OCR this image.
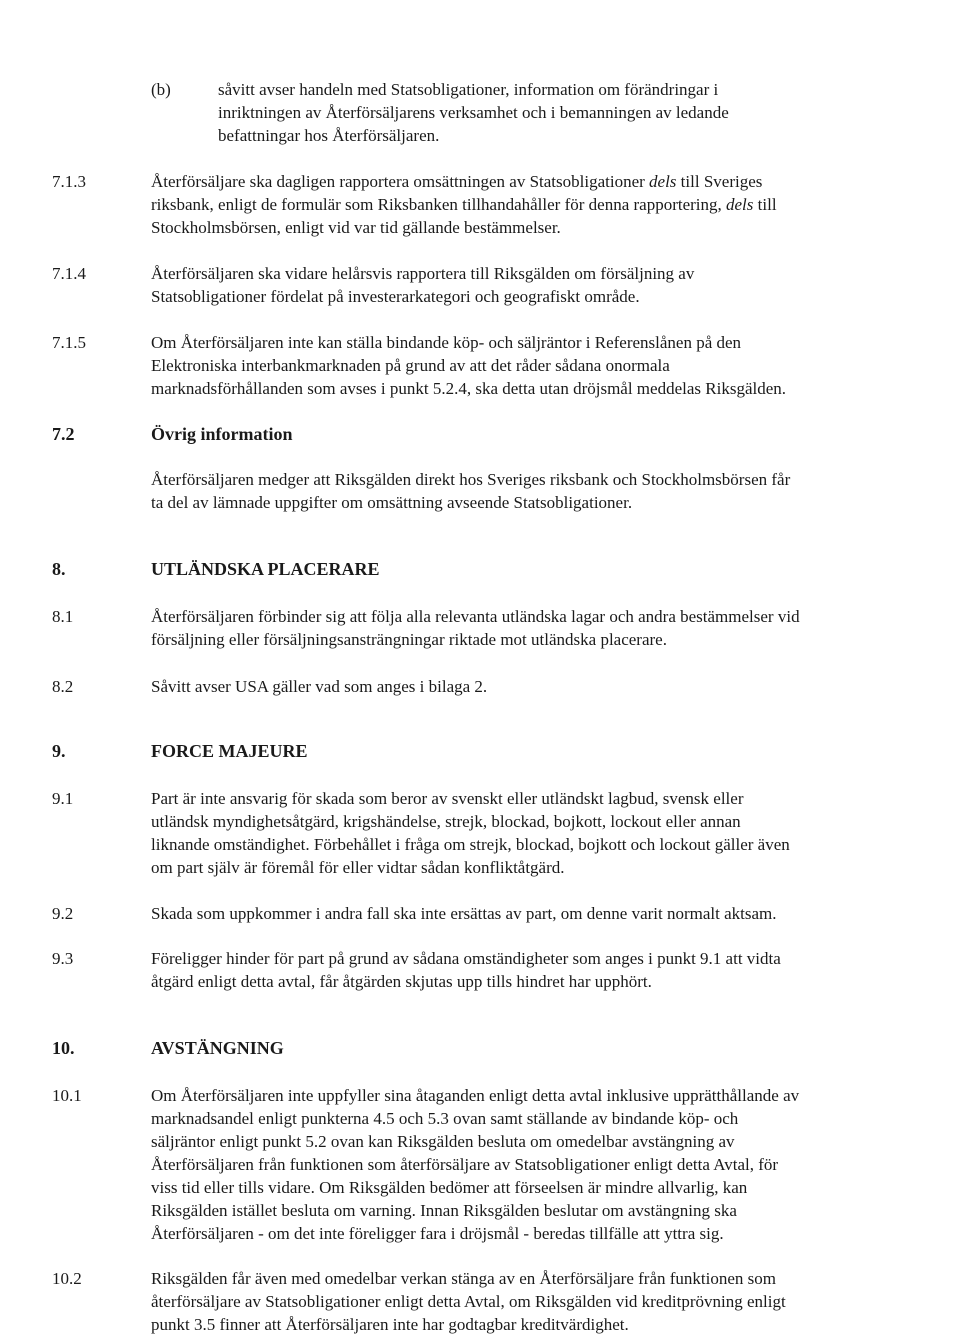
(b)	såvitt avser handeln med Statsobligationer, information om förändringar i
inriktningen av Återförsäljarens verksamhet och i bemanningen av ledande
befattningar hos Återförsäljaren.
7.1.3	Återförsäljare ska dagligen rapportera omsättningen av Statsobligationer dels till Sveriges
riksbank, enligt de formulär som Riksbanken tillhandahåller för denna rapportering, dels till
Stockholmsbörsen, enligt vid var tid gällande bestämmelser.
7.1.4	Återförsäljaren ska vidare helårsvis rapportera till Riksgälden om försäljning av
Statsobligationer fördelat på investerarkategori och geografiskt område.
7.1.5	Om Återförsäljaren inte kan ställa bindande köp- och säljräntor i Referenslånen på den
Elektroniska interbankmarknaden på grund av att det råder sådana onormala
marknadsförhållanden som avses i punkt 5.2.4, ska detta utan dröjsmål meddelas Riksgälden.
7.2	Övrig information
Återförsäljaren medger att Riksgälden direkt hos Sveriges riksbank och Stockholmsbörsen får
ta del av lämnade uppgifter om omsättning avseende Statsobligationer.
8.	UTLÄNDSKA PLACERARE
8.1	Återförsäljaren förbinder sig att följa alla relevanta utländska lagar och andra bestämmelser vid
försäljning eller försäljningsansträngningar riktade mot utländska placerare.
8.2	Såvitt avser USA gäller vad som anges i bilaga 2.
9.	FORCE MAJEURE
9.1	Part är inte ansvarig för skada som beror av svenskt eller utländskt lagbud, svensk eller
utländsk myndighetsåtgärd, krigshändelse, strejk, blockad, bojkott, lockout eller annan
liknande omständighet. Förbehållet i fråga om strejk, blockad, bojkott och lockout gäller även
om part själv är föremål för eller vidtar sådan konfliktåtgärd.
9.2	Skada som uppkommer i andra fall ska inte ersättas av part, om denne varit normalt aktsam.
9.3	Föreligger hinder för part på grund av sådana omständigheter som anges i punkt 9.1 att vidta
åtgärd enligt detta avtal, får åtgärden skjutas upp tills hindret har upphört.
10.	AVSTÄNGNING
10.1	Om Återförsäljaren inte uppfyller sina åtaganden enligt detta avtal inklusive upprätthållande av
marknadsandel enligt punkterna 4.5 och 5.3 ovan samt ställande av bindande köp- och
säljräntor enligt punkt 5.2 ovan kan Riksgälden besluta om omedelbar avstängning av
Återförsäljaren från funktionen som återförsäljare av Statsobligationer enligt detta Avtal, för
viss tid eller tills vidare. Om Riksgälden bedömer att förseelsen är mindre allvarlig, kan
Riksgälden istället besluta om varning. Innan Riksgälden beslutar om avstängning ska
Återförsäljaren - om det inte föreligger fara i dröjsmål - beredas tillfälle att yttra sig.
10.2	Riksgälden får även med omedelbar verkan stänga av en Återförsäljare från funktionen som
återförsäljare av Statsobligationer enligt detta Avtal, om Riksgälden vid kreditprövning enligt
punkt 3.5 finner att Återförsäljaren inte har godtagbar kreditvärdighet.
